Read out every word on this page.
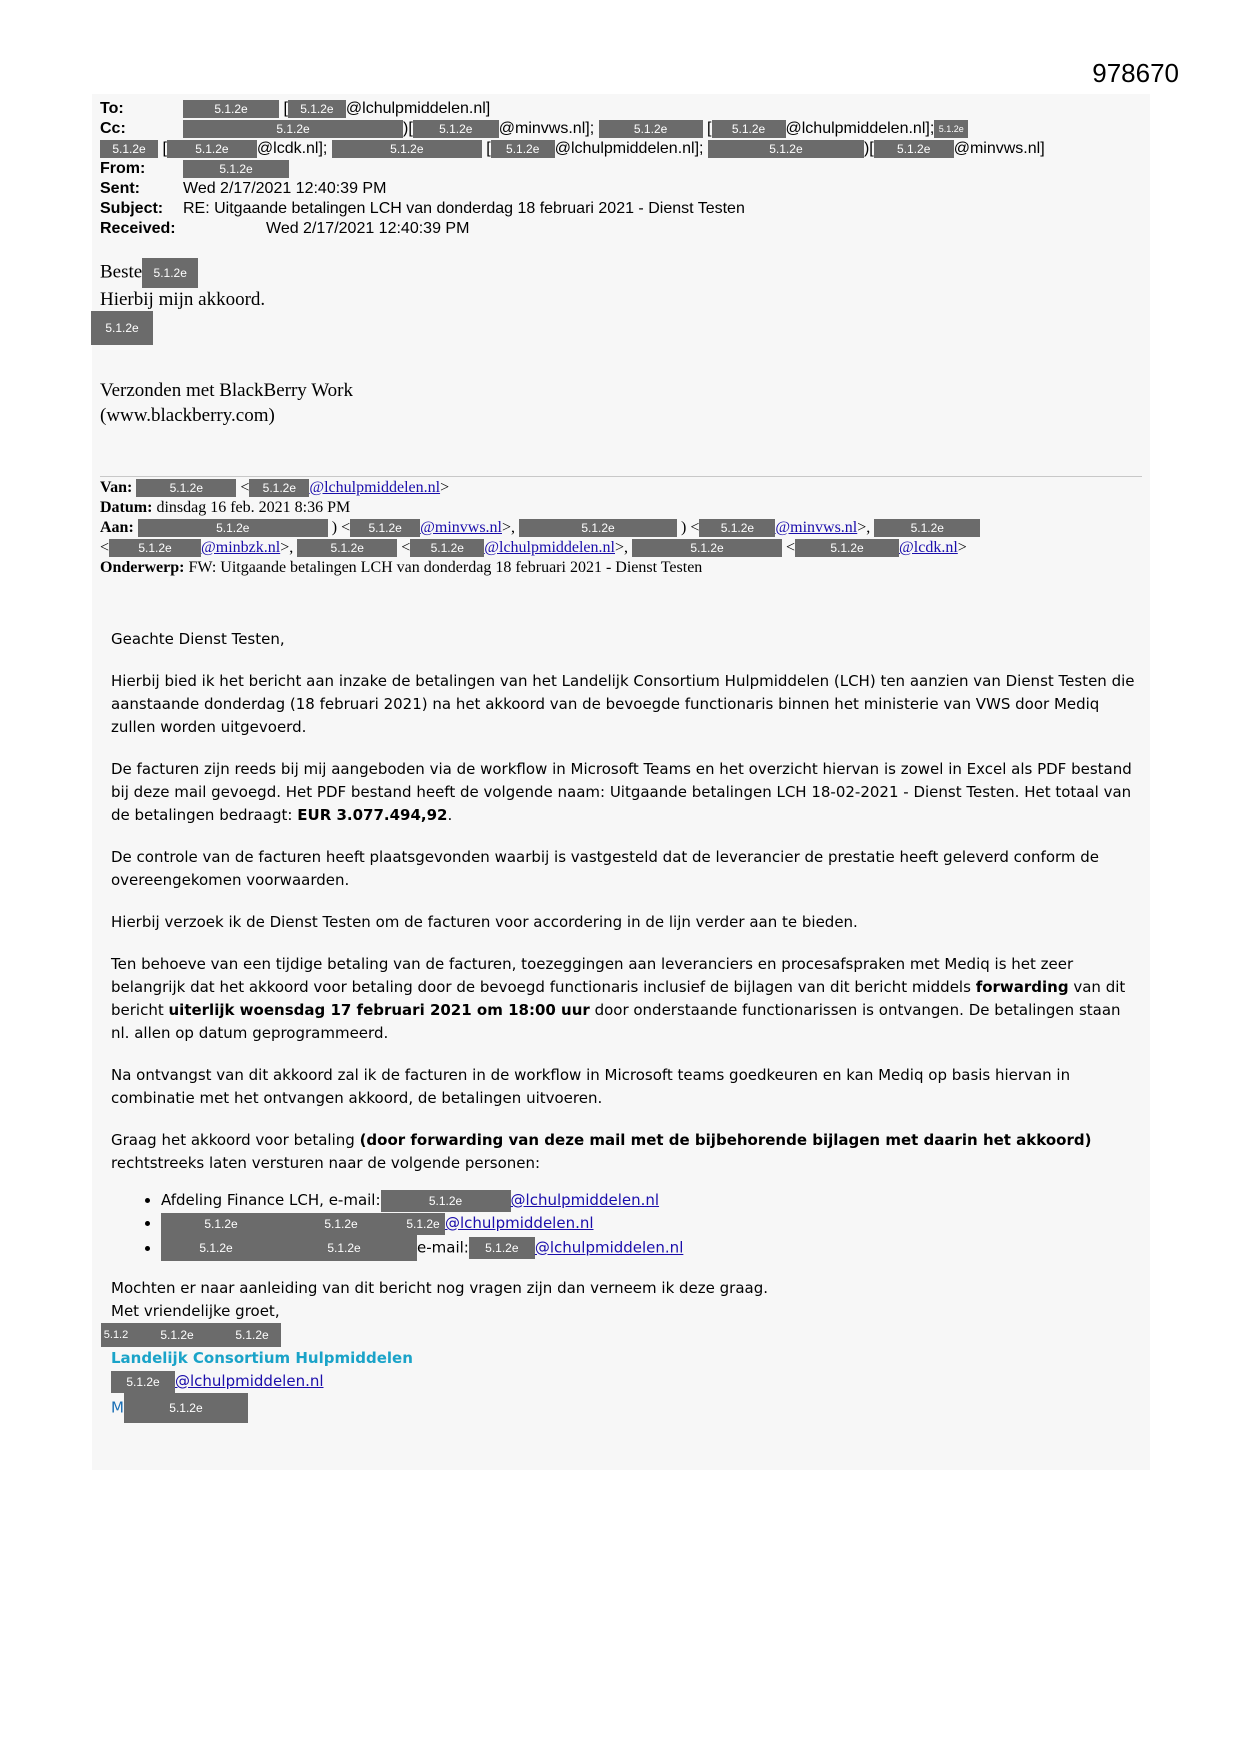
978670
To:	5.1.2e [ 5.1.2e @lchulpmiddelen.nl]
Cc:	5.1.2e	)[ 5.1.2e @minvws.nl];	5.1.2e [ 5.1.2e @lchulpmiddelen.nl]; 5.1.2e
5.1.2e [ 5.1.2e @lcdk.nl];	5.1.2e	[ 5.1.2e @lchulpmiddelen.nl];	5.1.2e	)[ 5.1.2e @minvws.nl]
From:	5.1.2e
Sent:	Wed 2/17/2021 12:40:39 PM
Subject: RE: Uitgaande betalingen LCH van donderdag 18 februari 2021 - Dienst Testen
Received:	Wed 2/17/2021 12:40:39 PM
Beste 5.1.2e
Hierbij mijn akkoord.
5.1.2e
Verzonden met BlackBerry Work
(www.blackberry.com)
Van:	5.1.2e < 5.1.2e @lchulpmiddelen.nl>
Datum: dinsdag 16 feb. 2021 8:36 PM
Aan:	5.1.2e	) < 5.1.2e @minvws.nl>,	5.1.2e	) < 5.1.2e @minvws.nl>,	5.1.2e
< 5.1.2e @minbzk.nl>,	5.1.2e < 5.1.2e @lchulpmiddelen.nl>,	5.1.2e	<	5.1.2e @lcdk.nl>
Onderwerp: FW: Uitgaande betalingen LCH van donderdag 18 februari 2021 - Dienst Testen

Geachte Dienst Testen,

Hierbij bied ik het bericht aan inzake de betalingen van het Landelijk Consortium Hulpmiddelen (LCH) ten aanzien van Dienst Testen die aanstaande donderdag (18 februari 2021) na het akkoord van de bevoegde functionaris binnen het ministerie van VWS door Mediq zullen worden uitgevoerd.

De facturen zijn reeds bij mij aangeboden via de workflow in Microsoft Teams en het overzicht hiervan is zowel in Excel als PDF bestand bij deze mail gevoegd. Het PDF bestand heeft de volgende naam: Uitgaande betalingen LCH 18-02-2021 - Dienst Testen. Het totaal van de betalingen bedraagt: EUR 3.077.494,92.

De controle van de facturen heeft plaatsgevonden waarbij is vastgesteld dat de leverancier de prestatie heeft geleverd conform de overeengekomen voorwaarden.

Hierbij verzoek ik de Dienst Testen om de facturen voor accordering in de lijn verder aan te bieden.

Ten behoeve van een tijdige betaling van de facturen, toezeggingen aan leveranciers en procesafspraken met Mediq is het zeer belangrijk dat het akkoord voor betaling door de bevoegd functionaris inclusief de bijlagen van dit bericht middels forwarding van dit bericht uiterlijk woensdag 17 februari 2021 om 18:00 uur door onderstaande functionarissen is ontvangen. De betalingen staan nl. allen op datum geprogrammeerd.

Na ontvangst van dit akkoord zal ik de facturen in de workflow in Microsoft teams goedkeuren en kan Mediq op basis hiervan in combinatie met het ontvangen akkoord, de betalingen uitvoeren.

Graag het akkoord voor betaling (door forwarding van deze mail met de bijbehorende bijlagen met daarin het akkoord) rechtstreeks laten versturen naar de volgende personen:

• Afdeling Finance LCH, e-mail:	5.1.2e	@lchulpmiddelen.nl
• 5.1.2e	5.1.2e	5.1.2e @lchulpmiddelen.nl
• 5.1.2e	5.1.2e	e-mail: 5.1.2e @lchulpmiddelen.nl
Mochten er naar aanleiding van dit bericht nog vragen zijn dan verneem ik deze graag.
Met vriendelijke groet,
5.1.2	5.1.2e	5.1.2e
Landelijk Consortium Hulpmiddelen
5.1.2e @lchulpmiddelen.nl
M	5.1.2e
